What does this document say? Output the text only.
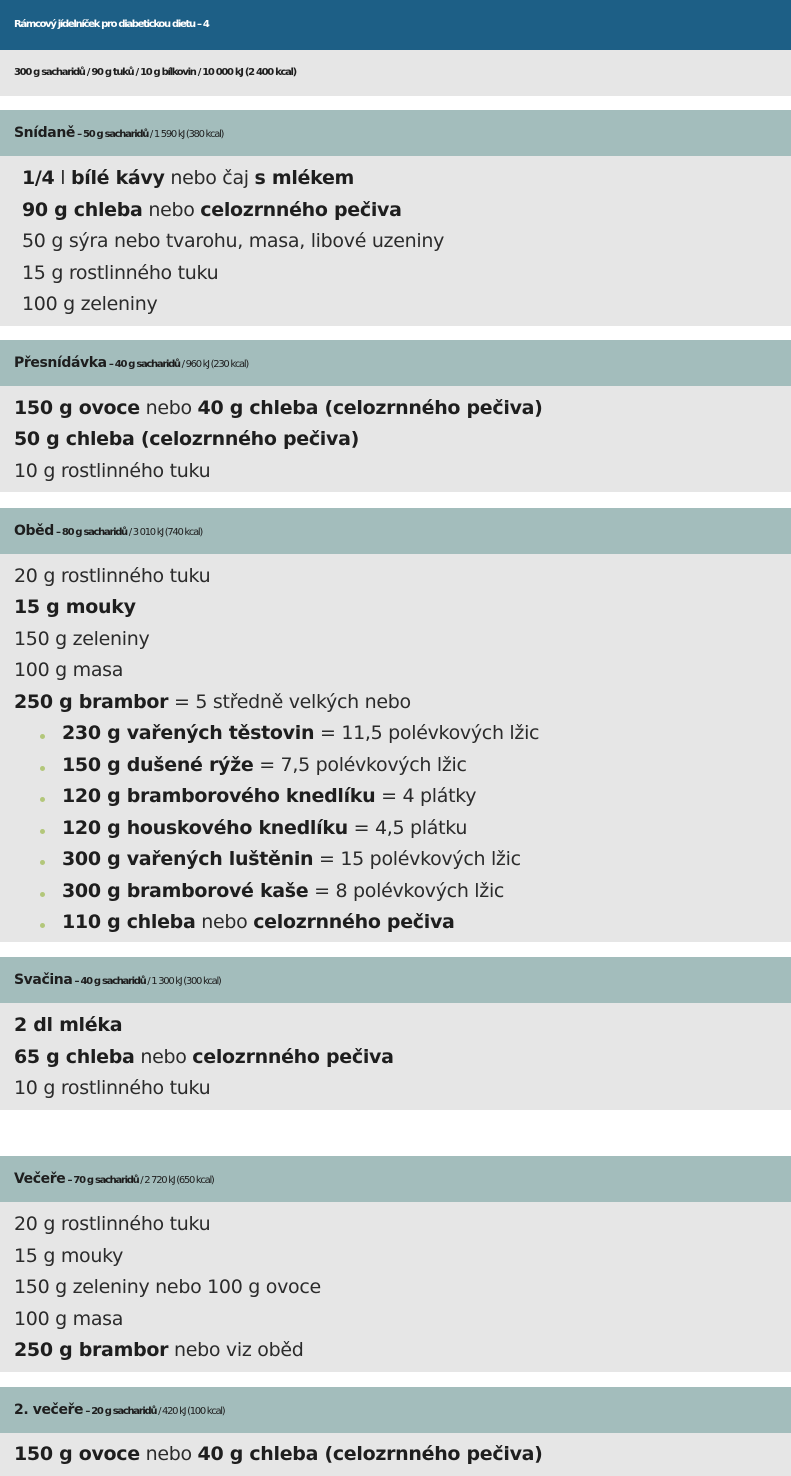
Rámcový jídelníček pro diabetickou dietu – 4
300 g sacharidů / 90 g tuků / 10 g bílkovin / 10 000 kJ (2 400 kcal)
Snídaně – 50 g sacharidů / 1 590 kJ (380 kcal)
1/4 l bílé kávy nebo čaj s mlékem
90 g chleba nebo celozrnného pečiva
50 g sýra nebo tvarohu, masa, libové uzeniny
15 g rostlinného tuku
100 g zeleniny
Přesnídávka – 40 g sacharidů / 960 kJ (230 kcal)
150 g ovoce nebo 40 g chleba (celozrnného pečiva)
50 g chleba (celozrnného pečiva)
10 g rostlinného tuku
Oběd – 80 g sacharidů / 3 010 kJ (740 kcal)
20 g rostlinného tuku
15 g mouky
150 g zeleniny
100 g masa
250 g brambor = 5 středně velkých nebo
230 g vařených těstovin = 11,5 polévkových lžic
150 g dušené rýže = 7,5 polévkových lžic
120 g bramborového knedlíku = 4 plátky
120 g houskového knedlíku = 4,5 plátku
300 g vařených luštěnin = 15 polévkových lžic
300 g bramborové kaše = 8 polévkových lžic
110 g chleba nebo celozrnného pečiva
Svačina – 40 g sacharidů / 1 300 kJ (300 kcal)
2 dl mléka
65 g chleba nebo celozrnného pečiva
10 g rostlinného tuku
Večeře – 70 g sacharidů / 2 720 kJ (650 kcal)
20 g rostlinného tuku
15 g mouky
150 g zeleniny nebo 100 g ovoce
100 g masa
250 g brambor nebo viz oběd
2. večeře – 20 g sacharidů / 420 kJ (100 kcal)
150 g ovoce nebo 40 g chleba (celozrnného pečiva)
